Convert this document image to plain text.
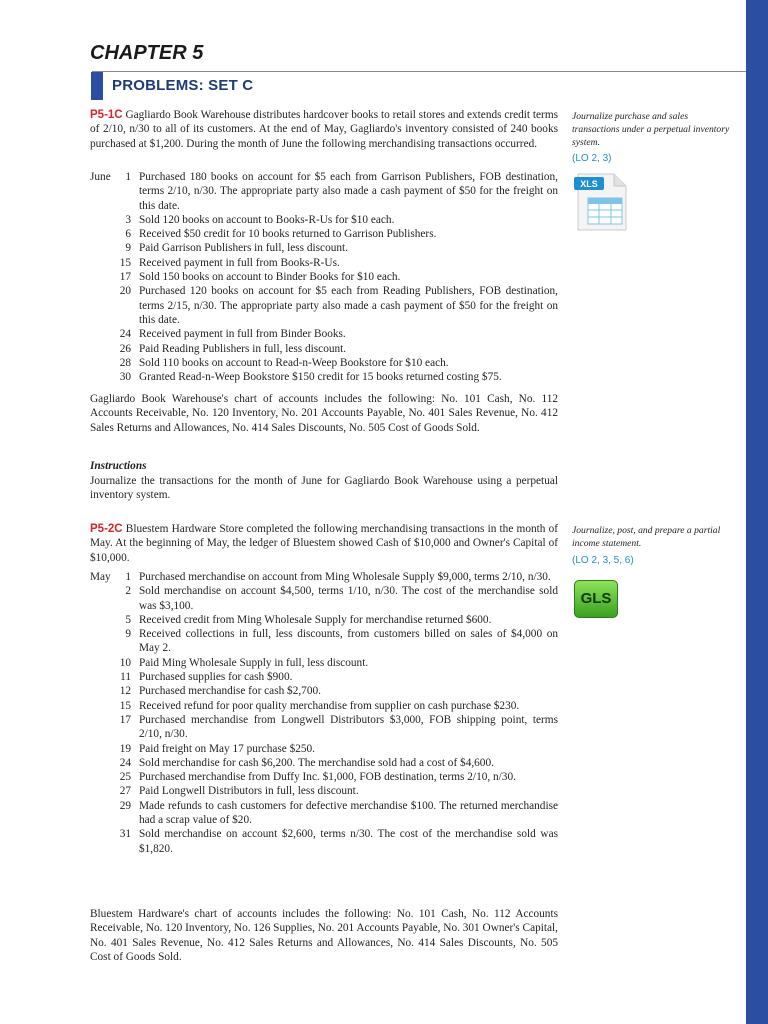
CHAPTER 5
PROBLEMS: SET C
P5-1C Gagliardo Book Warehouse distributes hardcover books to retail stores and extends credit terms of 2/10, n/30 to all of its customers. At the end of May, Gagliardo's inventory consisted of 240 books purchased at $1,200. During the month of June the following merchandising transactions occurred.
June	1 Purchased 180 books on account for $5 each from Garrison Publishers, FOB destination, terms 2/10, n/30. The appropriate party also made a cash payment of $50 for the freight on this date.
3 Sold 120 books on account to Books-R-Us for $10 each.
6 Received $50 credit for 10 books returned to Garrison Publishers.
9 Paid Garrison Publishers in full, less discount.
15 Received payment in full from Books-R-Us.
17 Sold 150 books on account to Binder Books for $10 each.
20 Purchased 120 books on account for $5 each from Reading Publishers, FOB destination, terms 2/15, n/30. The appropriate party also made a cash payment of $50 for the freight on this date.
24 Received payment in full from Binder Books.
26 Paid Reading Publishers in full, less discount.
28 Sold 110 books on account to Read-n-Weep Bookstore for $10 each.
30 Granted Read-n-Weep Bookstore $150 credit for 15 books returned costing $75.
Gagliardo Book Warehouse's chart of accounts includes the following: No. 101 Cash, No. 112 Accounts Receivable, No. 120 Inventory, No. 201 Accounts Payable, No. 401 Sales Revenue, No. 412 Sales Returns and Allowances, No. 414 Sales Discounts, No. 505 Cost of Goods Sold.
Instructions
Journalize the transactions for the month of June for Gagliardo Book Warehouse using a perpetual inventory system.
Journalize purchase and sales transactions under a perpetual inventory system.
(LO 2, 3)
XLS
P5-2C Bluestem Hardware Store completed the following merchandising transactions in the month of May. At the beginning of May, the ledger of Bluestem showed Cash of $10,000 and Owner's Capital of $10,000.
May	1 Purchased merchandise on account from Ming Wholesale Supply $9,000, terms 2/10, n/30.
2 Sold merchandise on account $4,500, terms 1/10, n/30. The cost of the merchandise sold was $3,100.
5 Received credit from Ming Wholesale Supply for merchandise returned $600.
9 Received collections in full, less discounts, from customers billed on sales of $4,000 on May 2.
10 Paid Ming Wholesale Supply in full, less discount.
11 Purchased supplies for cash $900.
12 Purchased merchandise for cash $2,700.
15 Received refund for poor quality merchandise from supplier on cash purchase $230.
17 Purchased merchandise from Longwell Distributors $3,000, FOB shipping point, terms 2/10, n/30.
19 Paid freight on May 17 purchase $250.
24 Sold merchandise for cash $6,200. The merchandise sold had a cost of $4,600.
25 Purchased merchandise from Duffy Inc. $1,000, FOB destination, terms 2/10, n/30.
27 Paid Longwell Distributors in full, less discount.
29 Made refunds to cash customers for defective merchandise $100. The returned merchandise had a scrap value of $20.
31 Sold merchandise on account $2,600, terms n/30. The cost of the merchandise sold was $1,820.
Bluestem Hardware's chart of accounts includes the following: No. 101 Cash, No. 112 Accounts Receivable, No. 120 Inventory, No. 126 Supplies, No. 201 Accounts Payable, No. 301 Owner's Capital, No. 401 Sales Revenue, No. 412 Sales Returns and Allowances, No. 414 Sales Discounts, No. 505 Cost of Goods Sold.
Journalize, post, and prepare a partial income statement.
(LO 2, 3, 5, 6)
GLS
